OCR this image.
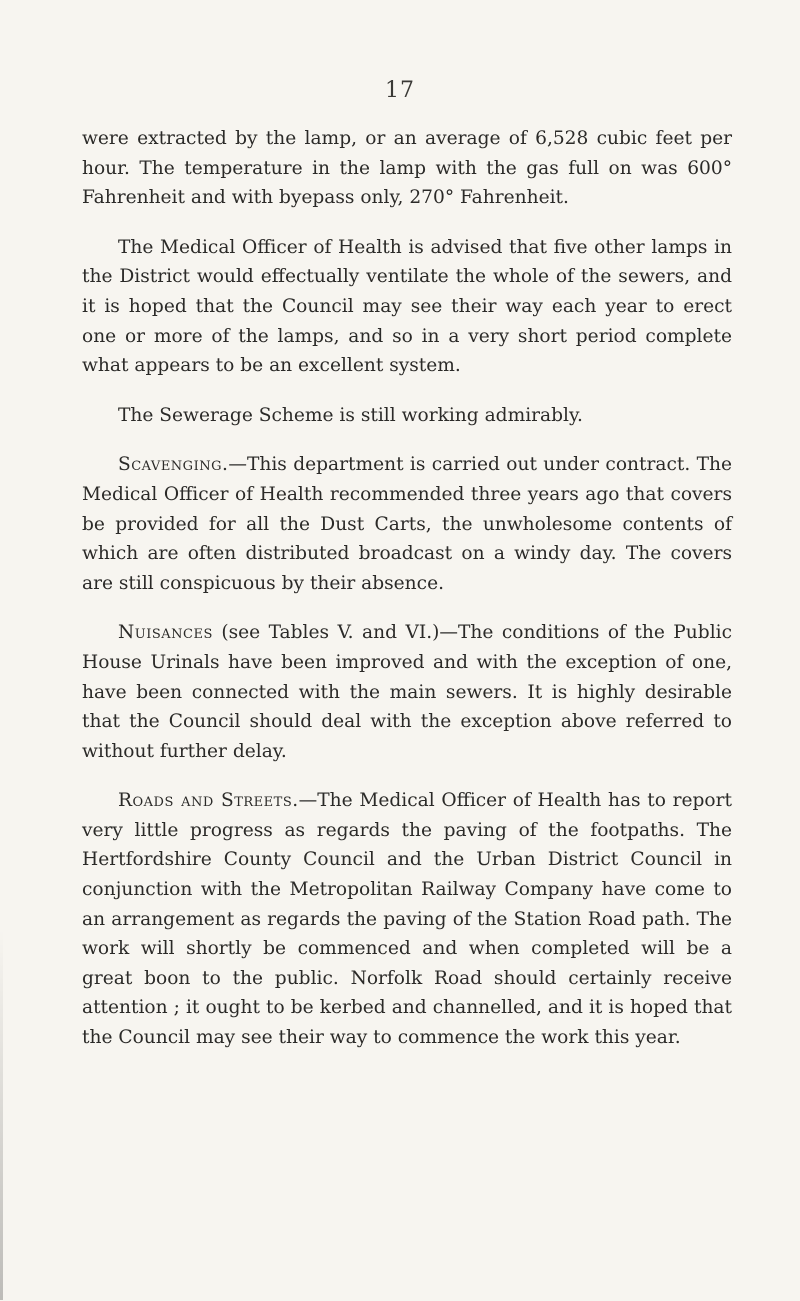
17

were extracted by the lamp, or an average of 6,528 cubic feet per hour. The temperature in the lamp with the gas full on was 600° Fahrenheit and with byepass only, 270° Fahrenheit.

The Medical Officer of Health is advised that five other lamps in the District would effectually ventilate the whole of the sewers, and it is hoped that the Council may see their way each year to erect one or more of the lamps, and so in a very short period complete what appears to be an excellent system.

The Sewerage Scheme is still working admirably.

Scavenging.—This department is carried out under contract. The Medical Officer of Health recommended three years ago that covers be provided for all the Dust Carts, the unwholesome contents of which are often distributed broadcast on a windy day. The covers are still conspicuous by their absence.

Nuisances (see Tables V. and VI.)—The conditions of the Public House Urinals have been improved and with the exception of one, have been connected with the main sewers. It is highly desirable that the Council should deal with the exception above referred to without further delay.

Roads and Streets.—The Medical Officer of Health has to report very little progress as regards the paving of the footpaths. The Hertfordshire County Council and the Urban District Council in conjunction with the Metropolitan Railway Company have come to an arrangement as regards the paving of the Station Road path. The work will shortly be commenced and when completed will be a great boon to the public. Norfolk Road should certainly receive attention ; it ought to be kerbed and channelled, and it is hoped that the Council may see their way to commence the work this year.
